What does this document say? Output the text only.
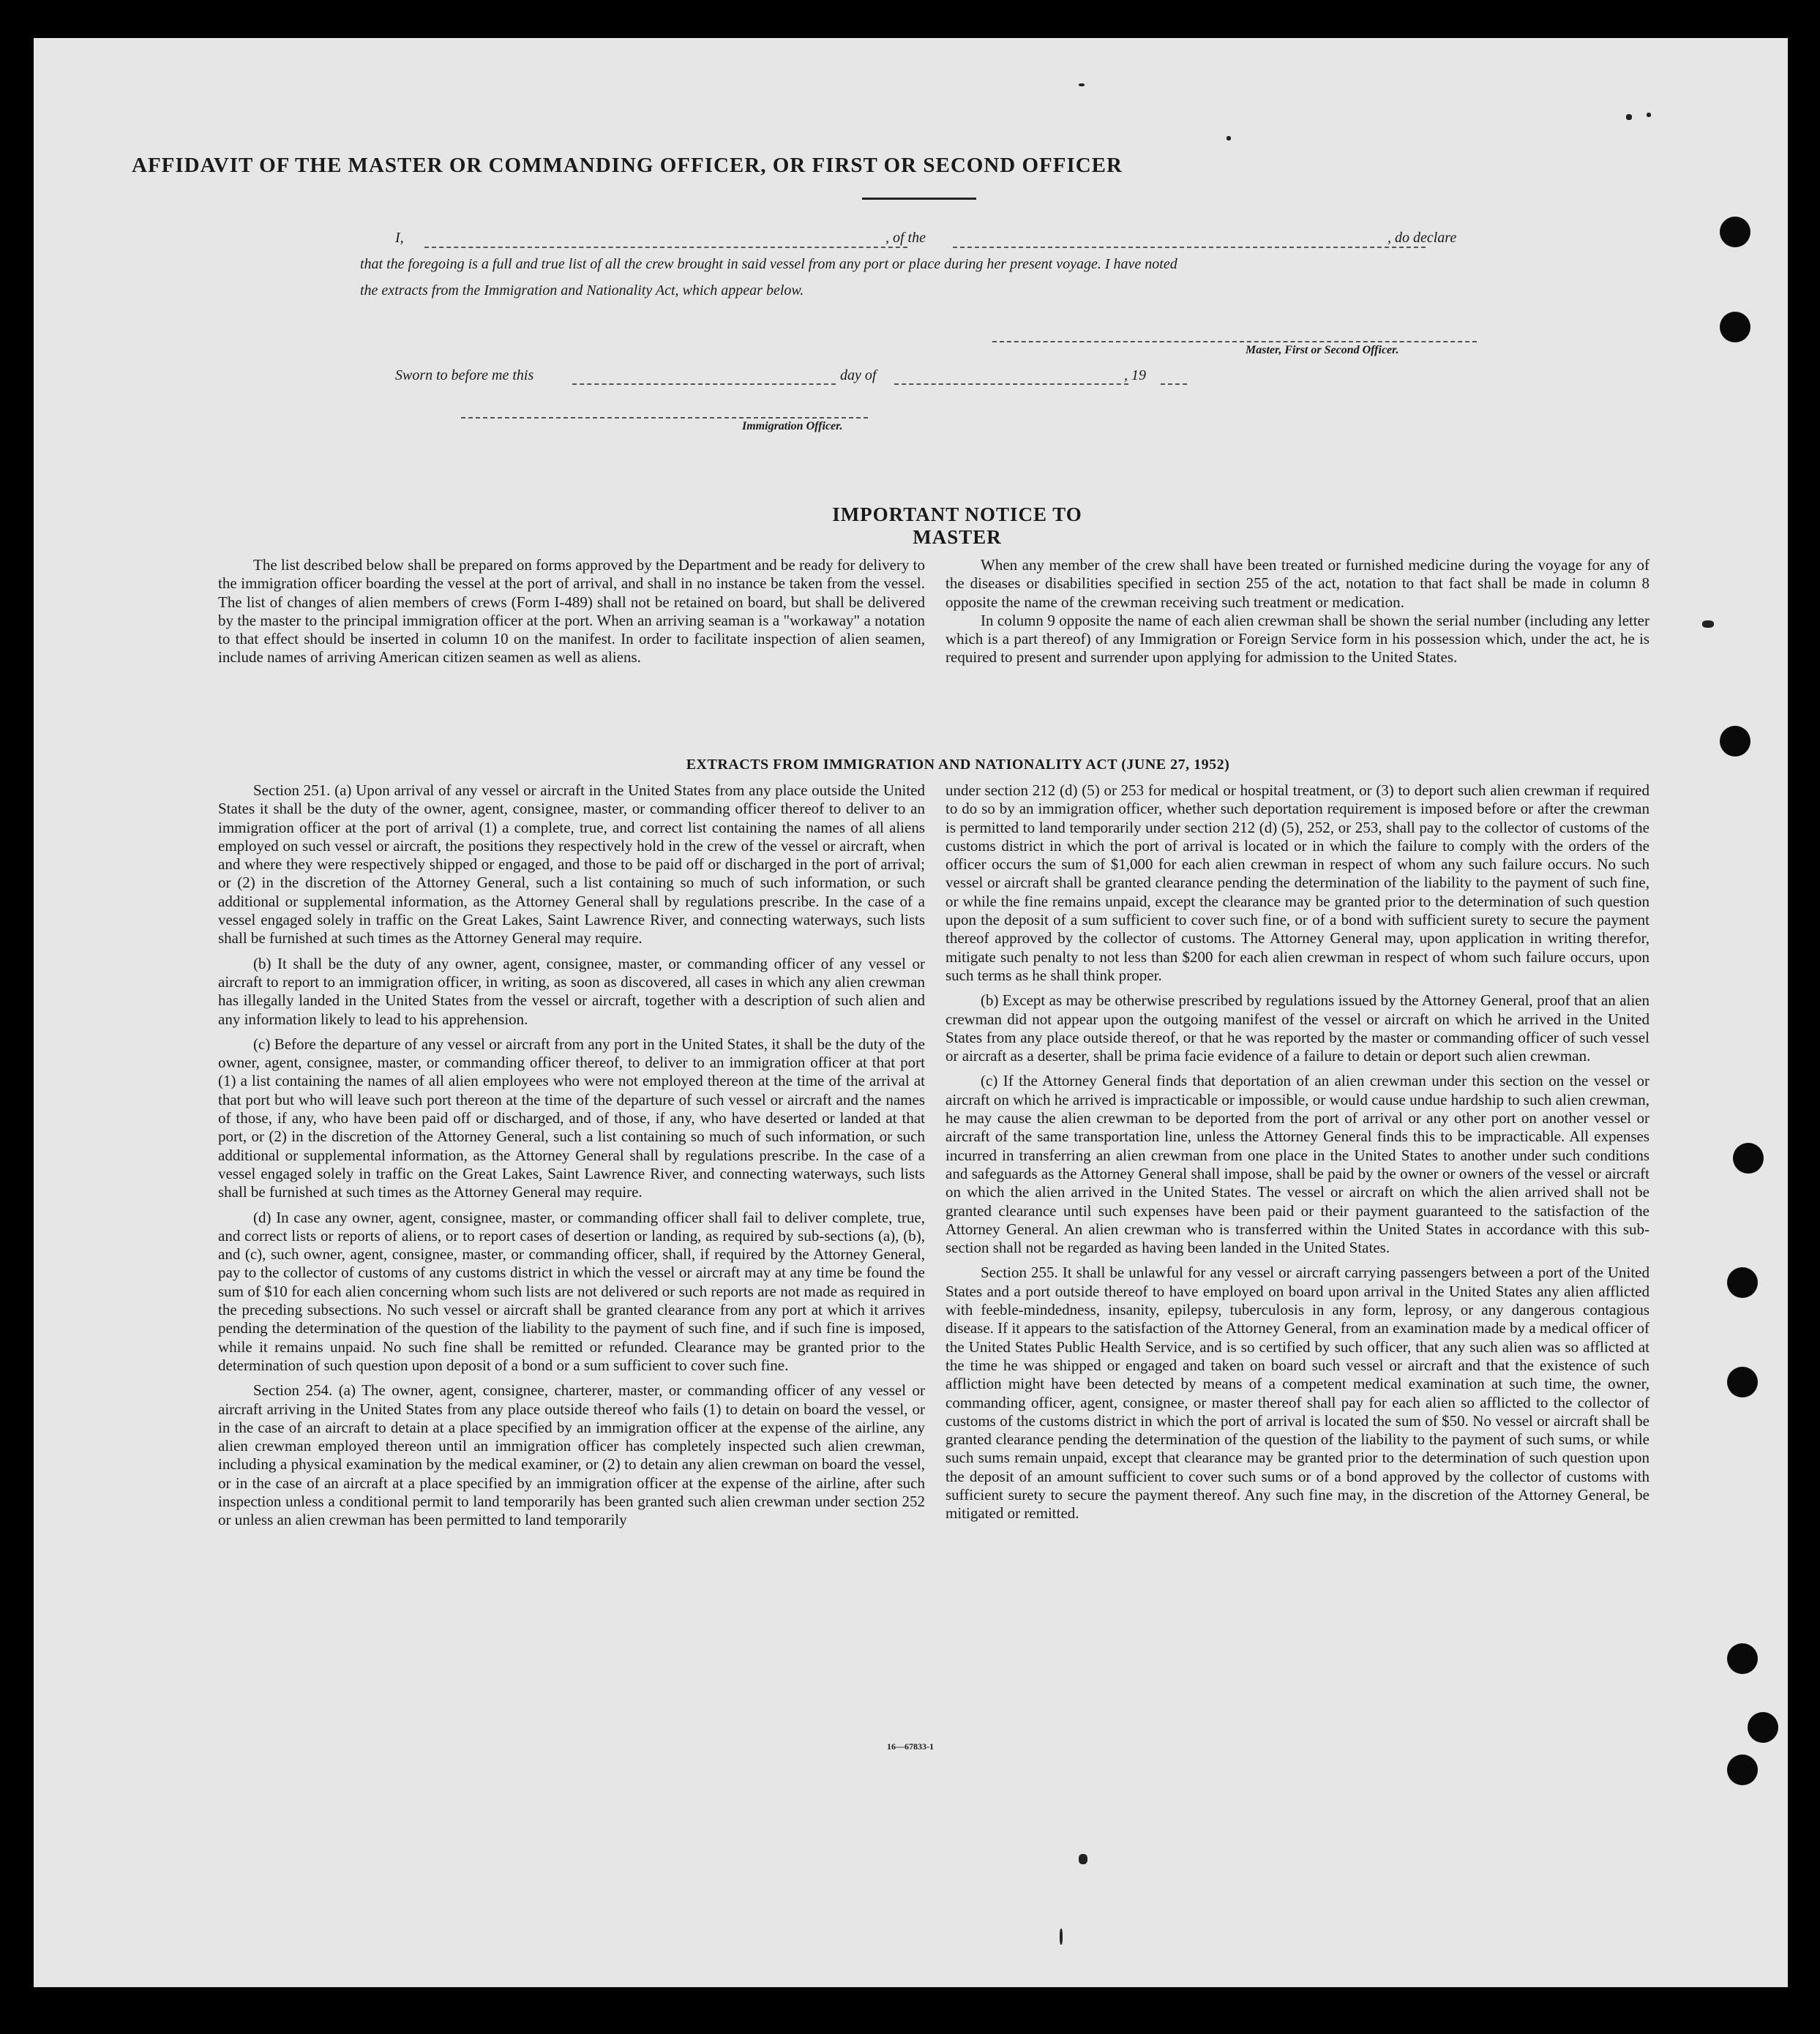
AFFIDAVIT OF THE MASTER OR COMMANDING OFFICER, OR FIRST OR SECOND OFFICER
I,	, of the	, do declare
that the foregoing is a full and true list of all the crew brought in said vessel from any port or place during her present voyage. I have noted
the extracts from the Immigration and Nationality Act, which appear below.
Master, First or Second Officer.
Sworn to before me this	day of	, 19
Immigration Officer.
IMPORTANT NOTICE TO MASTER

The list described below shall be prepared on forms approved by the Department and be ready for delivery to the immigration officer boarding the vessel at the port of arrival, and shall in no instance be taken from the vessel. The list of changes of alien members of crews (Form I-489) shall not be retained on board, but shall be delivered by the master to the principal immigration officer at the port. When an arriving seaman is a "workaway" a notation to that effect should be inserted in column 10 on the manifest. In order to facilitate inspection of alien seamen, include names of arriving American citizen seamen as well as aliens.

When any member of the crew shall have been treated or furnished medicine during the voyage for any of the diseases or disabilities specified in section 255 of the act, notation to that fact shall be made in column 8 opposite the name of the crewman receiving such treatment or medication.

In column 9 opposite the name of each alien crewman shall be shown the serial number (including any letter which is a part thereof) of any Immigration or Foreign Service form in his possession which, under the act, he is required to present and surrender upon applying for admission to the United States.

EXTRACTS FROM IMMIGRATION AND NATIONALITY ACT (JUNE 27, 1952)

Section 251. (a) Upon arrival of any vessel or aircraft in the United States from any place outside the United States it shall be the duty of the owner, agent, consignee, master, or commanding officer thereof to deliver to an immigration officer at the port of arrival (1) a complete, true, and correct list containing the names of all aliens employed on such vessel or aircraft, the positions they respectively hold in the crew of the vessel or aircraft, when and where they were respectively shipped or engaged, and those to be paid off or discharged in the port of arrival; or (2) in the discretion of the Attorney General, such a list containing so much of such information, or such additional or supplemental information, as the Attorney General shall by regulations prescribe. In the case of a vessel engaged solely in traffic on the Great Lakes, Saint Lawrence River, and connecting waterways, such lists shall be furnished at such times as the Attorney General may require.

(b) It shall be the duty of any owner, agent, consignee, master, or commanding officer of any vessel or aircraft to report to an immigration officer, in writing, as soon as discovered, all cases in which any alien crewman has illegally landed in the United States from the vessel or aircraft, together with a description of such alien and any information likely to lead to his apprehension.

(c) Before the departure of any vessel or aircraft from any port in the United States, it shall be the duty of the owner, agent, consignee, master, or commanding officer thereof, to deliver to an immigration officer at that port (1) a list containing the names of all alien employees who were not employed thereon at the time of the arrival at that port but who will leave such port thereon at the time of the departure of such vessel or aircraft and the names of those, if any, who have been paid off or discharged, and of those, if any, who have deserted or landed at that port, or (2) in the discretion of the Attorney General, such a list containing so much of such information, or such additional or supplemental information, as the Attorney General shall by regulations prescribe. In the case of a vessel engaged solely in traffic on the Great Lakes, Saint Lawrence River, and connecting waterways, such lists shall be furnished at such times as the Attorney General may require.

(d) In case any owner, agent, consignee, master, or commanding officer shall fail to deliver complete, true, and correct lists or reports of aliens, or to report cases of desertion or landing, as required by sub-sections (a), (b), and (c), such owner, agent, consignee, master, or commanding officer, shall, if required by the Attorney General, pay to the collector of customs of any customs district in which the vessel or aircraft may at any time be found the sum of $10 for each alien concerning whom such lists are not delivered or such reports are not made as required in the preceding subsections. No such vessel or aircraft shall be granted clearance from any port at which it arrives pending the determination of the question of the liability to the payment of such fine, and if such fine is imposed, while it remains unpaid. No such fine shall be remitted or refunded. Clearance may be granted prior to the determination of such question upon deposit of a bond or a sum sufficient to cover such fine.

Section 254. (a) The owner, agent, consignee, charterer, master, or commanding officer of any vessel or aircraft arriving in the United States from any place outside thereof who fails (1) to detain on board the vessel, or in the case of an aircraft to detain at a place specified by an immigration officer at the expense of the airline, any alien crewman employed thereon until an immigration officer has completely inspected such alien crewman, including a physical examination by the medical examiner, or (2) to detain any alien crewman on board the vessel, or in the case of an aircraft at a place specified by an immigration officer at the expense of the airline, after such inspection unless a conditional permit to land temporarily has been granted such alien crewman under section 252 or unless an alien crewman has been permitted to land temporarily

under section 212 (d) (5) or 253 for medical or hospital treatment, or (3) to deport such alien crewman if required to do so by an immigration officer, whether such deportation requirement is imposed before or after the crewman is permitted to land temporarily under section 212 (d) (5), 252, or 253, shall pay to the collector of customs of the customs district in which the port of arrival is located or in which the failure to comply with the orders of the officer occurs the sum of $1,000 for each alien crewman in respect of whom any such failure occurs. No such vessel or aircraft shall be granted clearance pending the determination of the liability to the payment of such fine, or while the fine remains unpaid, except the clearance may be granted prior to the determination of such question upon the deposit of a sum sufficient to cover such fine, or of a bond with sufficient surety to secure the payment thereof approved by the collector of customs. The Attorney General may, upon application in writing therefor, mitigate such penalty to not less than $200 for each alien crewman in respect of whom such failure occurs, upon such terms as he shall think proper.

(b) Except as may be otherwise prescribed by regulations issued by the Attorney General, proof that an alien crewman did not appear upon the outgoing manifest of the vessel or aircraft on which he arrived in the United States from any place outside thereof, or that he was reported by the master or commanding officer of such vessel or aircraft as a deserter, shall be prima facie evidence of a failure to detain or deport such alien crewman.

(c) If the Attorney General finds that deportation of an alien crewman under this section on the vessel or aircraft on which he arrived is impracticable or impossible, or would cause undue hardship to such alien crewman, he may cause the alien crewman to be deported from the port of arrival or any other port on another vessel or aircraft of the same transportation line, unless the Attorney General finds this to be impracticable. All expenses incurred in transferring an alien crewman from one place in the United States to another under such conditions and safeguards as the Attorney General shall impose, shall be paid by the owner or owners of the vessel or aircraft on which the alien arrived in the United States. The vessel or aircraft on which the alien arrived shall not be granted clearance until such expenses have been paid or their payment guaranteed to the satisfaction of the Attorney General. An alien crewman who is transferred within the United States in accordance with this sub-section shall not be regarded as having been landed in the United States.

Section 255. It shall be unlawful for any vessel or aircraft carrying passengers between a port of the United States and a port outside thereof to have employed on board upon arrival in the United States any alien afflicted with feeble-mindedness, insanity, epilepsy, tuberculosis in any form, leprosy, or any dangerous contagious disease. If it appears to the satisfaction of the Attorney General, from an examination made by a medical officer of the United States Public Health Service, and is so certified by such officer, that any such alien was so afflicted at the time he was shipped or engaged and taken on board such vessel or aircraft and that the existence of such affliction might have been detected by means of a competent medical examination at such time, the owner, commanding officer, agent, consignee, or master thereof shall pay for each alien so afflicted to the collector of customs of the customs district in which the port of arrival is located the sum of $50. No vessel or aircraft shall be granted clearance pending the determination of the question of the liability to the payment of such sums, or while such sums remain unpaid, except that clearance may be granted prior to the determination of such question upon the deposit of an amount sufficient to cover such sums or of a bond approved by the collector of customs with sufficient surety to secure the payment thereof. Any such fine may, in the discretion of the Attorney General, be mitigated or remitted.

16—67833-1
